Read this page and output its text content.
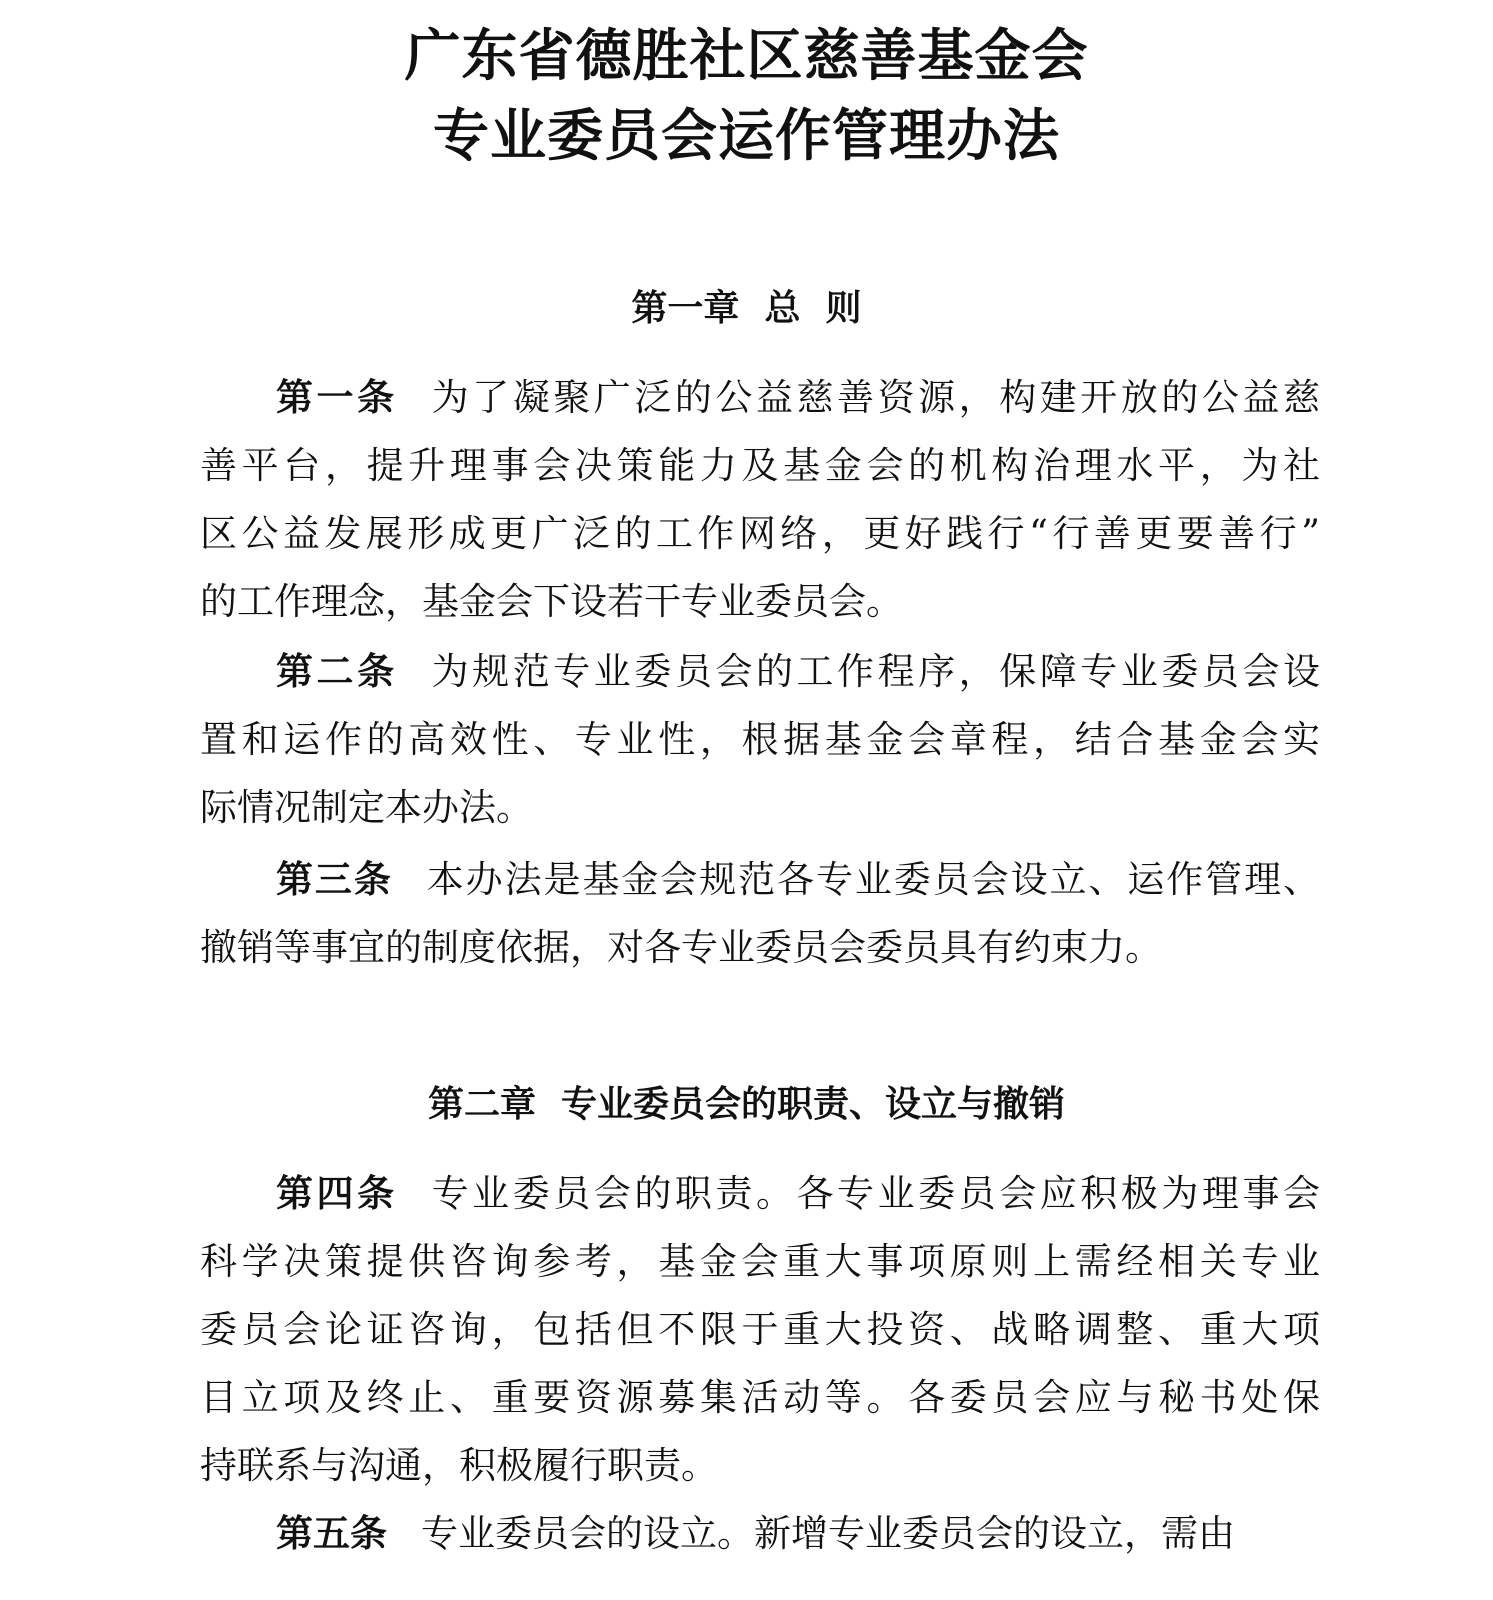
广东省德胜社区慈善基金会
专业委员会运作管理办法
第一章  总  则
第一条 为了凝聚广泛的公益慈善资源，构建开放的公益慈
善平台，提升理事会决策能力及基金会的机构治理水平，为社
区公益发展形成更广泛的工作网络，更好践行“行善更要善行”
的工作理念，基金会下设若干专业委员会。
第二条 为规范专业委员会的工作程序，保障专业委员会设
置和运作的高效性、专业性，根据基金会章程，结合基金会实
际情况制定本办法。
第三条 本办法是基金会规范各专业委员会设立、运作管理、
撤销等事宜的制度依据，对各专业委员会委员具有约束力。
第二章  专业委员会的职责、设立与撤销
第四条 专业委员会的职责。各专业委员会应积极为理事会
科学决策提供咨询参考，基金会重大事项原则上需经相关专业
委员会论证咨询，包括但不限于重大投资、战略调整、重大项
目立项及终止、重要资源募集活动等。各委员会应与秘书处保
持联系与沟通，积极履行职责。
第五条 专业委员会的设立。新增专业委员会的设立，需由
